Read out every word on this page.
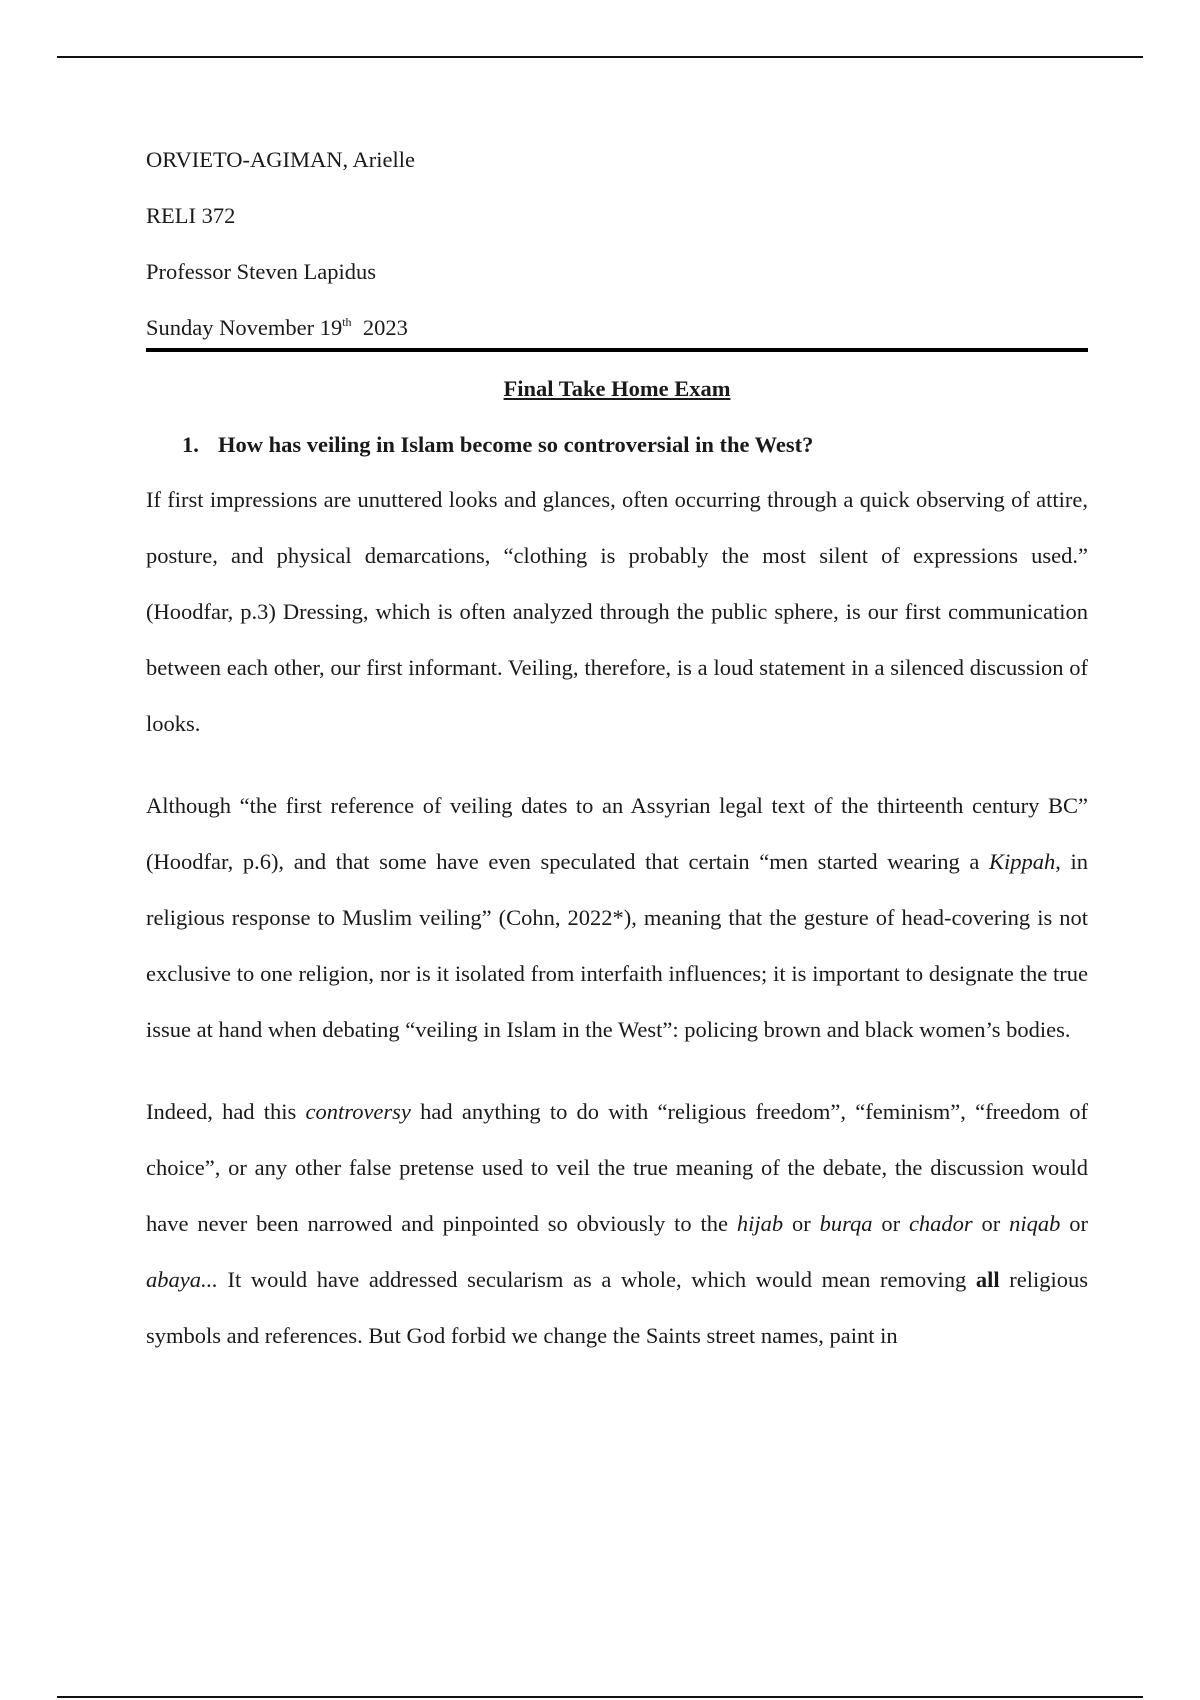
ORVIETO-AGIMAN, Arielle

RELI 372

Professor Steven Lapidus

Sunday November 19th 2023

Final Take Home Exam
1. How has veiling in Islam become so controversial in the West?

If first impressions are unuttered looks and glances, often occurring through a quick observing of attire, posture, and physical demarcations, “clothing is probably the most silent of expressions used.” (Hoodfar, p.3) Dressing, which is often analyzed through the public sphere, is our first communication between each other, our first informant. Veiling, therefore, is a loud statement in a silenced discussion of looks.

Although “the first reference of veiling dates to an Assyrian legal text of the thirteenth century BC” (Hoodfar, p.6), and that some have even speculated that certain “men started wearing a Kippah, in religious response to Muslim veiling” (Cohn, 2022*), meaning that the gesture of head-covering is not exclusive to one religion, nor is it isolated from interfaith influences; it is important to designate the true issue at hand when debating “veiling in Islam in the West”: policing brown and black women’s bodies.

Indeed, had this controversy had anything to do with “religious freedom”, “feminism”, “freedom of choice”, or any other false pretense used to veil the true meaning of the debate, the discussion would have never been narrowed and pinpointed so obviously to the hijab or burqa or chador or niqab or abaya... It would have addressed secularism as a whole, which would mean removing all religious symbols and references. But God forbid we change the Saints street names, paint in
